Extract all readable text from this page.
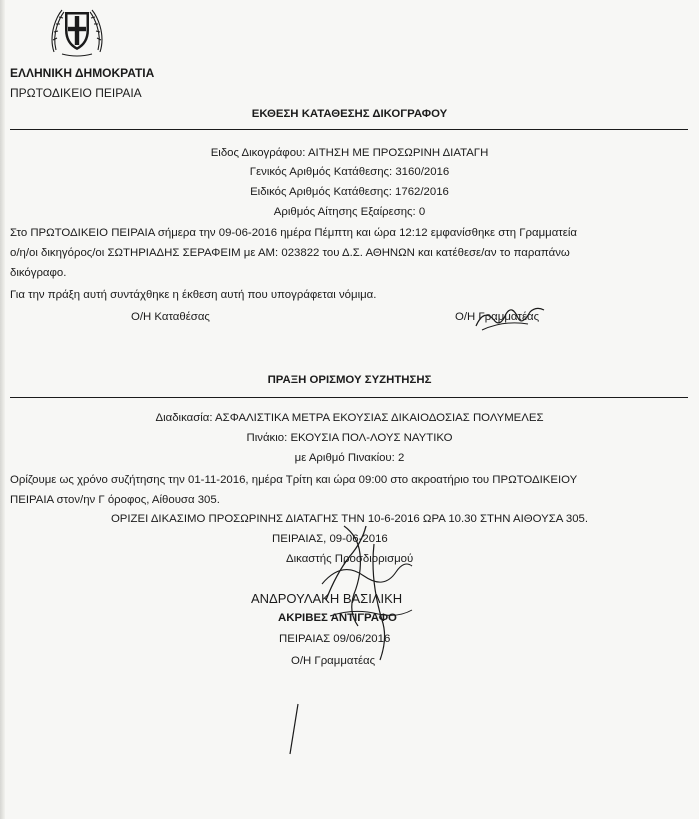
ΕΛΛΗΝΙΚΗ ΔΗΜΟΚΡΑΤΙΑ
ΠΡΩΤΟΔΙΚΕΙΟ ΠΕΙΡΑΙΑ
ΕΚΘΕΣΗ ΚΑΤΑΘΕΣΗΣ ΔΙΚΟΓΡΑΦΟΥ
Ειδος Δικογράφου: ΑΙΤΗΣΗ ΜΕ ΠΡΟΣΩΡΙΝΗ ΔΙΑΤΑΓΗ
Γενικός Αριθμός Κατάθεσης: 3160/2016
Ειδικός Αριθμός Κατάθεσης: 1762/2016
Αριθμός Αίτησης Εξαίρεσης: 0
Στο ΠΡΩΤΟΔΙΚΕΙΟ ΠΕΙΡΑΙΑ σήμερα την 09-06-2016 ημέρα Πέμπτη και ώρα 12:12 εμφανίσθηκε στη Γραμματεία
ο/η/οι δικηγόρος/οι ΣΩΤΗΡΙΑΔΗΣ ΣΕΡΑΦΕΙΜ με ΑΜ: 023822 του Δ.Σ. ΑΘΗΝΩΝ και κατέθεσε/αν το παραπάνω
δικόγραφο.
Για την πράξη αυτή συντάχθηκε η έκθεση αυτή που υπογράφεται νόμιμα.
Ο/Η Καταθέσας	Ο/Η Γραμματέας
ΠΡΑΞΗ ΟΡΙΣΜΟΥ ΣΥΖΗΤΗΣΗΣ
Διαδικασία: ΑΣΦΑΛΙΣΤΙΚΑ ΜΕΤΡΑ ΕΚΟΥΣΙΑΣ ΔΙΚΑΙΟΔΟΣΙΑΣ ΠΟΛΥΜΕΛΕΣ
Πινάκιο: ΕΚΟΥΣΙΑ ΠΟΛ-ΛΟΥΣ ΝΑΥΤΙΚΟ
με Αριθμό Πινακίου: 2
Ορίζουμε ως χρόνο συζήτησης την 01-11-2016, ημέρα Τρίτη και ώρα 09:00 στο ακροατήριο του ΠΡΩΤΟΔΙΚΕΙΟΥ
ΠΕΙΡΑΙΑ στον/ην Γ όροφος, Αίθουσα 305.
ΟΡΙΖΕΙ ΔΙΚΑΣΙΜΟ ΠΡΟΣΩΡΙΝΗΣ ΔΙΑΤΑΓΗΣ ΤΗΝ 10-6-2016 ΩΡΑ 10.30 ΣΤΗΝ ΑΙΘΟΥΣΑ 305.
ΠΕΙΡΑΙΑΣ, 09-06-2016
Δικαστής Προσδιορισμού
ΑΝΔΡΟΥΛΑΚΗ ΒΑΣΙΛΙΚΗ
ΑΚΡΙΒΕΣ ΑΝΤΙΓΡΑΦΟ
ΠΕΙΡΑΙΑΣ 09/06/2016
Ο/Η Γραμματέας
